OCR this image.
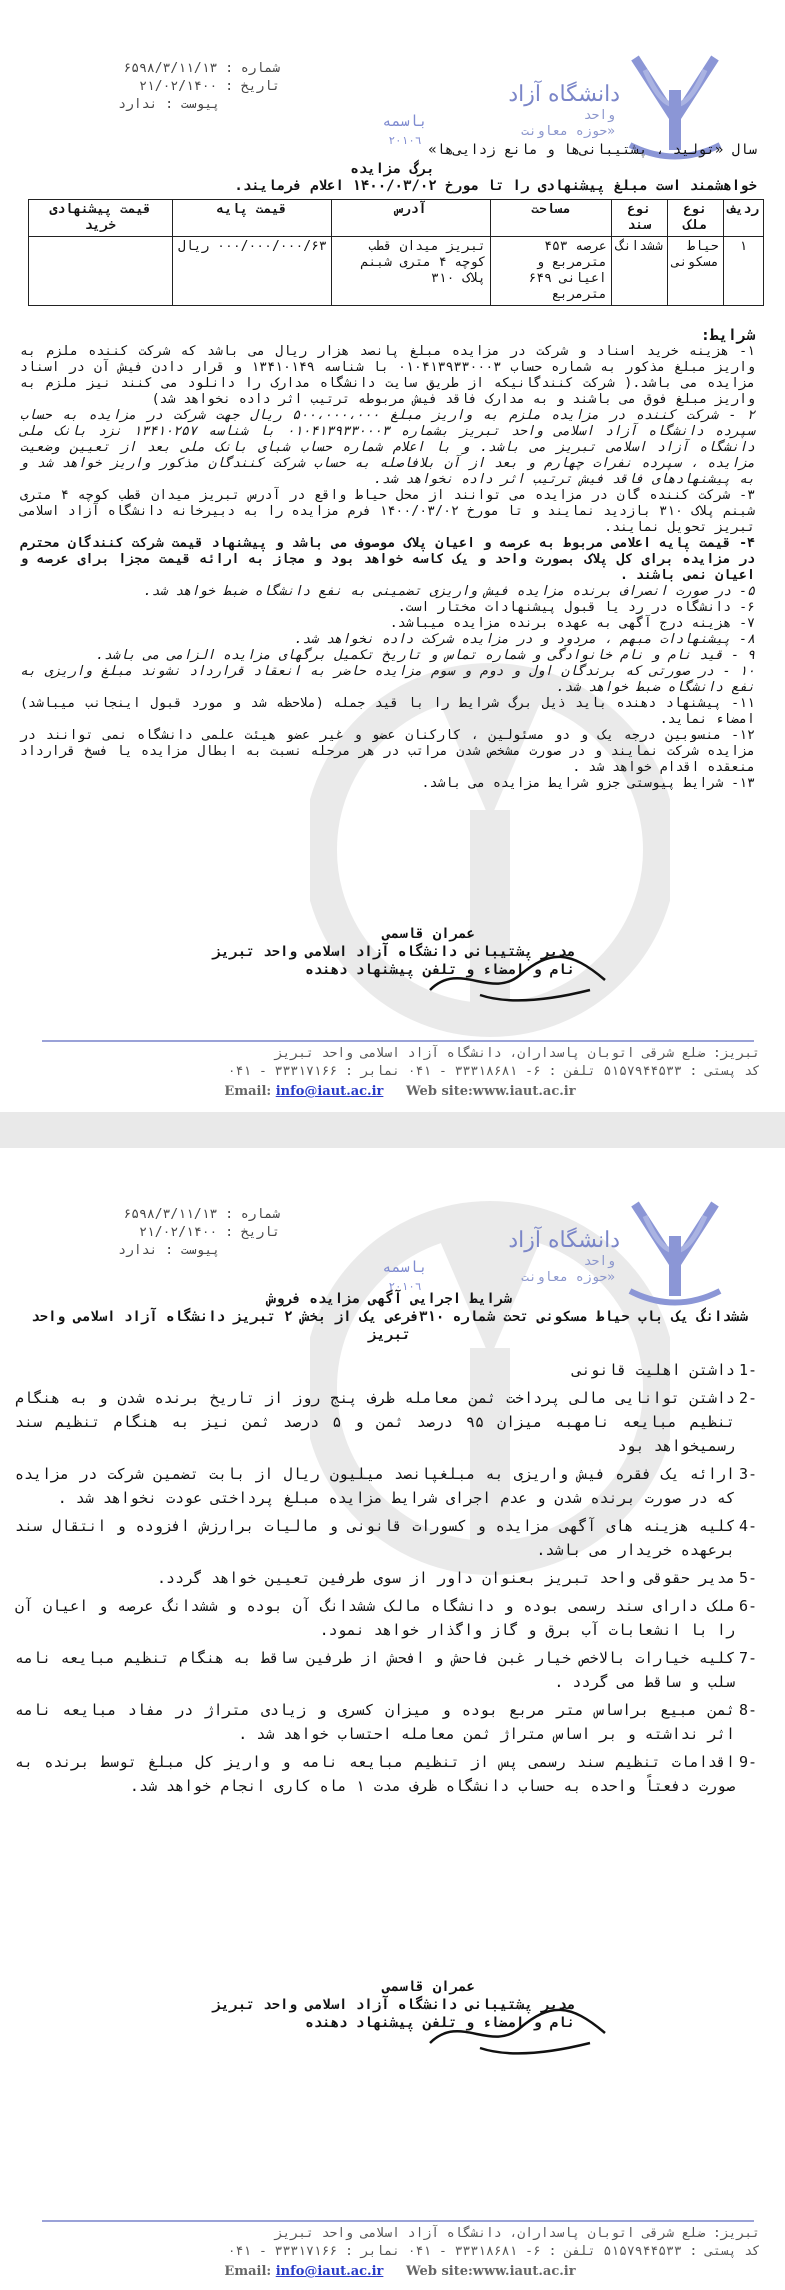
دانشگاه آزاد
واحد
«حوزه معاونت
باسمه
٢٠١٠٦
شماره : ۶۵۹۸/۳/۱۱/۱۳
تاریخ : ۲۱/۰۲/۱۴۰۰
پیوست : ندارد
سال «تولید ، پشتیبانی‌ها و مانع زدایی‌ها»
برگ مزایده
خواهشمند است مبلغ پیشنهادی را تا مورخ ۱۴۰۰/۰۳/۰۲ اعلام فرمایند.
ردیف	نوع ملک	نوع سند	مساحت	آدرس	قیمت پایه	قیمت پیشنهادی خرید
۱	حیاط مسکونی	ششدانگ	عرصه ۴۵۳ مترمربع و اعیانی ۶۴۹ مترمربع	تبریز میدان قطب کوچه ۴ متری شبنم پلاک ۳۱۰	۰۰۰/۰۰۰/۰۰۰/۶۳ ریال	
شرایط:

۱- هزینه خرید اسناد و شرکت در مزایده مبلغ پانصد هزار ریال می باشد که شرکت کننده ملزم به واریز مبلغ مذکور به شماره حساب ۰۱۰۴۱۳۹۳۳۰۰۰۳ با شناسه ۱۳۴۱۰۱۴۹ و قرار دادن فیش آن در اسناد مزایده می باشد.( شرکت کنندگانیکه از طریق سایت دانشگاه مدارک را دانلود می کنند نیز ملزم به واریز مبلغ فوق می باشند و به مدارک فاقد فیش مربوطه ترتیب اثر داده نخواهد شد)

۲ - شرکت کننده در مزایده ملزم به واریز مبلغ ۵۰۰،۰۰۰،۰۰۰ ریال جهت شرکت در مزایده به حساب سپرده دانشگاه آزاد اسلامی واحد تبریز بشماره ۰۱۰۴۱۳۹۳۳۰۰۰۳ با شناسه ۱۳۴۱۰۲۵۷ نزد بانک ملی دانشگاه آزاد اسلامی تبریز می باشد. و با اعلام شماره حساب شبای بانک ملی بعد از تعیین وضعیت مزایده ، سپرده نفرات چهارم و بعد از آن بلافاصله به حساب شرکت کنندگان مذکور واریز خواهد شد و به پیشنهادهای فاقد فیش ترتیب اثر داده نخواهد شد.

۳- شرکت کننده گان در مزایده می توانند از محل حیاط واقع در آدرس تبریز میدان قطب کوچه ۴ متری شبنم پلاک ۳۱۰ بازدید نمایند و تا مورخ ۱۴۰۰/۰۳/۰۲ فرم مزایده را به دبیرخانه دانشگاه آزاد اسلامی تبریز تحویل نمایند.

۴- قیمت پایه اعلامی مربوط به عرصه و اعیان پلاک موصوف می باشد و پیشنهاد قیمت شرکت کنندگان محترم در مزایده برای کل پلاک بصورت واحد و یک کاسه خواهد بود و مجاز به ارائه قیمت مجزا برای عرصه و اعیان نمی باشند .

۵- در صورت انصراف برنده مزایده فیش واریزی تضمینی به نفع دانشگاه ضبط خواهد شد.

۶- دانشگاه در رد یا قبول پیشنهادات مختار است.

۷- هزینه درج آگهی به عهده برنده مزایده میباشد.

۸- پیشنهادات مبهم ، مردود و در مزایده شرکت داده نخواهد شد.

۹ - قید نام و نام خانوادگی و شماره تماس و تاریخ تکمیل برگهای مزایده الزامی می باشد.

۱۰ - در صورتی که برندگان اول و دوم و سوم مزایده حاضر به انعقاد قرارداد نشوند مبلغ واریزی به نفع دانشگاه ضبط خواهد شد.

۱۱- پیشنهاد دهنده باید ذیل برگ شرایط را با قید جمله (ملاحظه شد و مورد قبول اینجانب میباشد) امضاء نماید.

۱۲- منسوبین درجه یک و دو مسئولین ، کارکنان عضو و غیر عضو هیئت علمی دانشگاه نمی توانند در مزایده شرکت نمایند و در صورت مشخص شدن مراتب در هر مرحله نسبت به ابطال مزایده یا فسخ قرارداد منعقده اقدام خواهد شد .

۱۳- شرایط پیوستی جزو شرایط مزایده می باشد.

عمران قاسمی
مدیر پشتیبانی دانشگاه آزاد اسلامی واحد تبریز
نام و امضاء و تلفن پیشنهاد دهنده
تبریز: ضلع شرقی اتوبان پاسداران، دانشگاه آزاد اسلامی واحد تبریز
کد پستی : ۵۱۵۷۹۴۴۵۳۳ تلفن : ۶- ۳۳۳۱۸۶۸۱ - ۰۴۱ نمابر : ۳۳۳۱۷۱۶۶ - ۰۴۱
Email: info@iaut.ac.ir Web site:www.iaut.ac.ir
دانشگاه آزاد
واحد
«حوزه معاونت
باسمه
٢٠١٠٦
شماره : ۶۵۹۸/۳/۱۱/۱۳
تاریخ : ۲۱/۰۲/۱۴۰۰
پیوست : ندارد
شرایط اجرایی آگهی مزایده فروش
ششدانگ یک باب حیاط مسکونی تحت شماره ۳۱۰فرعی یک از بخش ۲ تبریز دانشگاه آزاد اسلامی واحد تبریز
-1
داشتن اهلیت قانونی
-2
داشتن توانایی مالی پرداخت ثمن معامله ظرف پنج روز از تاریخ برنده شدن و به هنگام تنظیم مبایعه نامهبه میزان ۹۵ درصد ثمن و ۵ درصد ثمن نیز به هنگام تنظیم سند رسمیخواهد بود
-3
ارائه یک فقره فیش واریزی به مبلغپانصد میلیون ریال از بابت تضمین شرکت در مزایده که در صورت برنده شدن و عدم اجرای شرایط مزایده مبلغ پرداختی عودت نخواهد شد .
-4
کلیه هزینه های آگهی مزایده و کسورات قانونی و مالیات برارزش افزوده و انتقال سند برعهده خریدار می باشد.
-5
مدیر حقوقی واحد تبریز بعنوان داور از سوی طرفین تعیین خواهد گردد.
-6
ملک دارای سند رسمی بوده و دانشگاه مالک ششدانگ آن بوده و ششدانگ عرصه و اعیان آن را با انشعابات آب برق و گاز واگذار خواهد نمود.
-7
کلیه خیارات بالاخص خیار غبن فاحش و افحش از طرفین ساقط به هنگام تنظیم مبایعه نامه سلب و ساقط می گردد .
-8
ثمن مبیع براساس متر مربع بوده و میزان کسری و زیادی متراژ در مفاد مبایعه نامه اثر نداشته و بر اساس متراژ ثمن معامله احتساب خواهد شد .
-9
اقدامات تنظیم سند رسمی پس از تنظیم مبایعه نامه و واریز کل مبلغ توسط برنده به صورت دفعتاً واحده به حساب دانشگاه ظرف مدت ۱ ماه کاری انجام خواهد شد.
عمران قاسمی
مدیر پشتیبانی دانشگاه آزاد اسلامی واحد تبریز
نام و امضاء و تلفن پیشنهاد دهنده
تبریز: ضلع شرقی اتوبان پاسداران، دانشگاه آزاد اسلامی واحد تبریز
کد پستی : ۵۱۵۷۹۴۴۵۳۳ تلفن : ۶- ۳۳۳۱۸۶۸۱ - ۰۴۱ نمابر : ۳۳۳۱۷۱۶۶ - ۰۴۱
Email: info@iaut.ac.ir Web site:www.iaut.ac.ir
